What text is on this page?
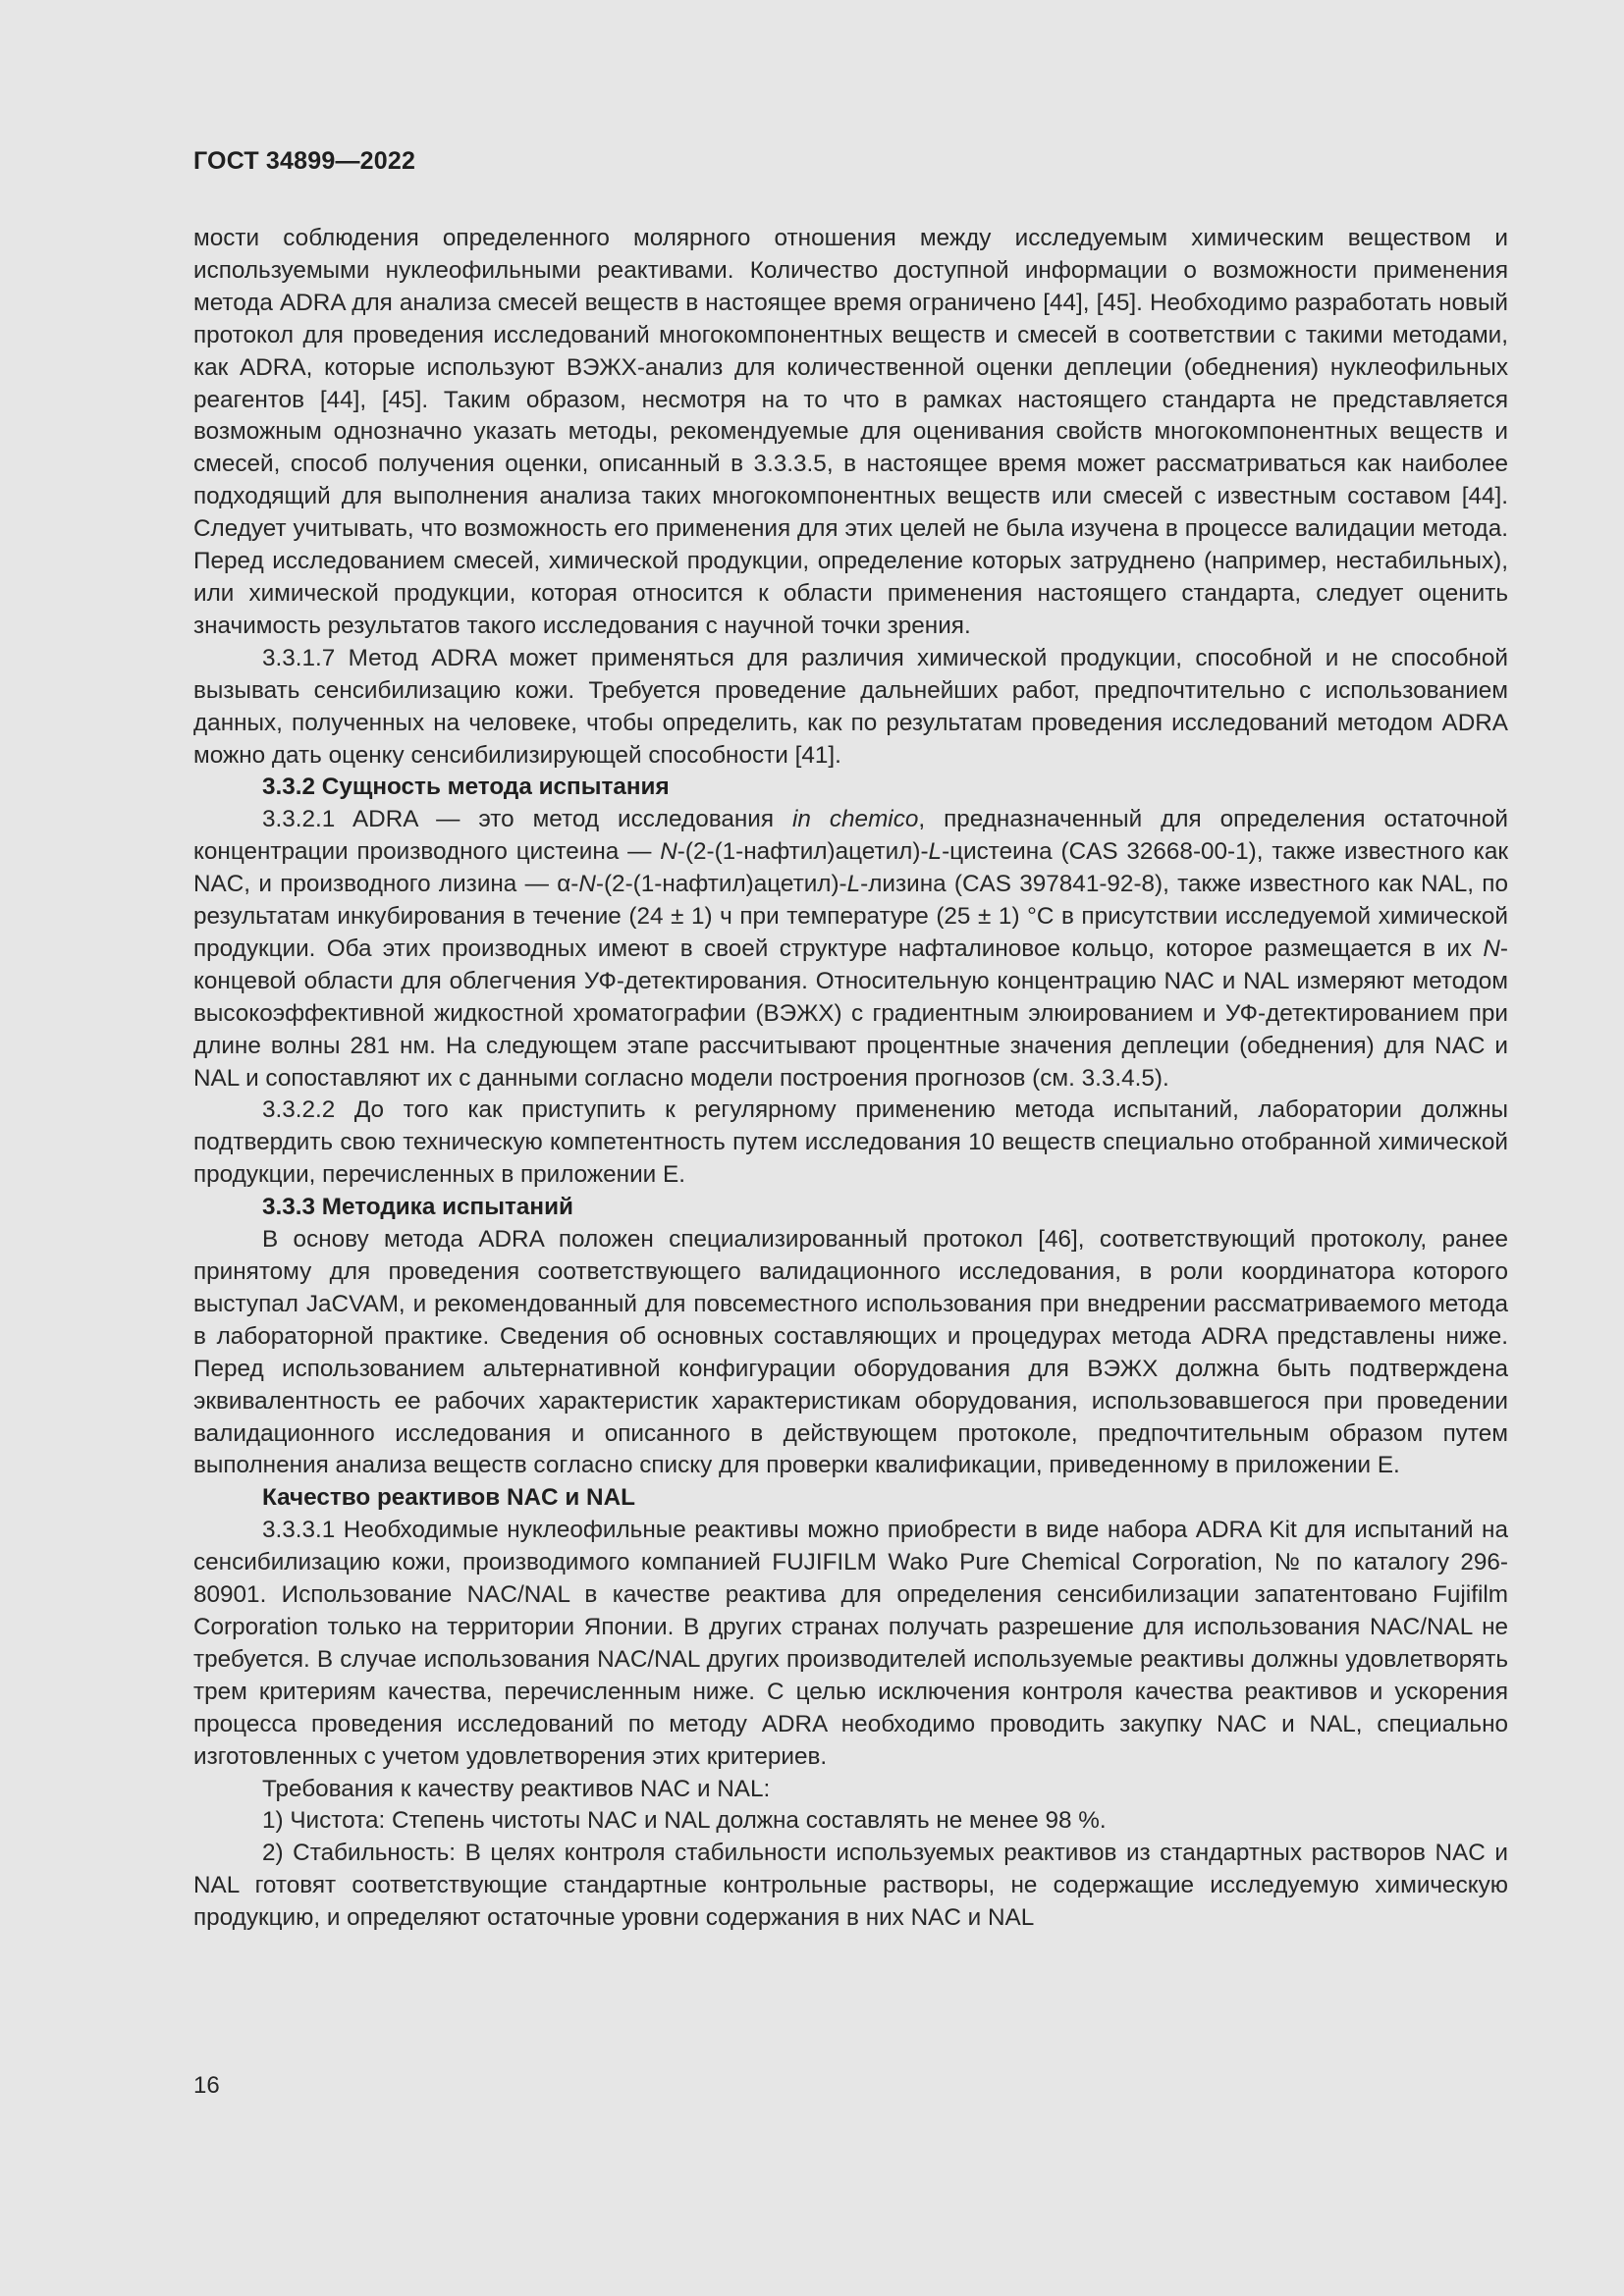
ГОСТ 34899—2022

мости соблюдения определенного молярного отношения между исследуемым химическим веществом и используемыми нуклеофильными реактивами. Количество доступной информации о возможности применения метода ADRA для анализа смесей веществ в настоящее время ограничено [44], [45]. Необходимо разработать новый протокол для проведения исследований многокомпонентных веществ и смесей в соответствии с такими методами, как ADRA, которые используют ВЭЖХ-анализ для количественной оценки деплеции (обеднения) нуклеофильных реагентов [44], [45]. Таким образом, несмотря на то что в рамках настоящего стандарта не представляется возможным однозначно указать методы, рекомендуемые для оценивания свойств многокомпонентных веществ и смесей, способ получения оценки, описанный в 3.3.3.5, в настоящее время может рассматриваться как наиболее подходящий для выполнения анализа таких многокомпонентных веществ или смесей с известным составом [44]. Следует учитывать, что возможность его применения для этих целей не была изучена в процессе валидации метода. Перед исследованием смесей, химической продукции, определение которых затруднено (например, нестабильных), или химической продукции, которая относится к области применения настоящего стандарта, следует оценить значимость результатов такого исследования с научной точки зрения.

3.3.1.7 Метод ADRA может применяться для различия химической продукции, способной и не способной вызывать сенсибилизацию кожи. Требуется проведение дальнейших работ, предпочтительно с использованием данных, полученных на человеке, чтобы определить, как по результатам проведения исследований методом ADRA можно дать оценку сенсибилизирующей способности [41].

3.3.2 Сущность метода испытания

3.3.2.1 ADRA — это метод исследования in chemico, предназначенный для определения остаточной концентрации производного цистеина — N-(2-(1-нафтил)ацетил)-L-цистеина (CAS 32668-00-1), также известного как NAC, и производного лизина — α-N-(2-(1-нафтил)ацетил)-L-лизина (CAS 397841-92-8), также известного как NAL, по результатам инкубирования в течение (24 ± 1) ч при температуре (25 ± 1) °С в присутствии исследуемой химической продукции. Оба этих производных имеют в своей структуре нафталиновое кольцо, которое размещается в их N-концевой области для облегчения УФ-детектирования. Относительную концентрацию NAC и NAL измеряют методом высокоэффективной жидкостной хроматографии (ВЭЖХ) с градиентным элюированием и УФ-детектированием при длине волны 281 нм. На следующем этапе рассчитывают процентные значения деплеции (обеднения) для NAC и NAL и сопоставляют их с данными согласно модели построения прогнозов (см. 3.3.4.5).

3.3.2.2 До того как приступить к регулярному применению метода испытаний, лаборатории должны подтвердить свою техническую компетентность путем исследования 10 веществ специально отобранной химической продукции, перечисленных в приложении Е.

3.3.3 Методика испытаний

В основу метода ADRA положен специализированный протокол [46], соответствующий протоколу, ранее принятому для проведения соответствующего валидационного исследования, в роли координатора которого выступал JaCVAM, и рекомендованный для повсеместного использования при внедрении рассматриваемого метода в лабораторной практике. Сведения об основных составляющих и процедурах метода ADRA представлены ниже. Перед использованием альтернативной конфигурации оборудования для ВЭЖХ должна быть подтверждена эквивалентность ее рабочих характеристик характеристикам оборудования, использовавшегося при проведении валидационного исследования и описанного в действующем протоколе, предпочтительным образом путем выполнения анализа веществ согласно списку для проверки квалификации, приведенному в приложении Е.

Качество реактивов NAC и NAL

3.3.3.1 Необходимые нуклеофильные реактивы можно приобрести в виде набора ADRA Kit для испытаний на сенсибилизацию кожи, производимого компанией FUJIFILM Wako Pure Chemical Corporation, № по каталогу 296-80901. Использование NAC/NAL в качестве реактива для определения сенсибилизации запатентовано Fujifilm Corporation только на территории Японии. В других странах получать разрешение для использования NAC/NAL не требуется. В случае использования NAC/NAL других производителей используемые реактивы должны удовлетворять трем критериям качества, перечисленным ниже. С целью исключения контроля качества реактивов и ускорения процесса проведения исследований по методу ADRA необходимо проводить закупку NAC и NAL, специально изготовленных с учетом удовлетворения этих критериев.

Требования к качеству реактивов NAC и NAL:

1) Чистота: Степень чистоты NAC и NAL должна составлять не менее 98 %.

2) Стабильность: В целях контроля стабильности используемых реактивов из стандартных растворов NAC и NAL готовят соответствующие стандартные контрольные растворы, не содержащие исследуемую химическую продукцию, и определяют остаточные уровни содержания в них NAC и NAL

16
